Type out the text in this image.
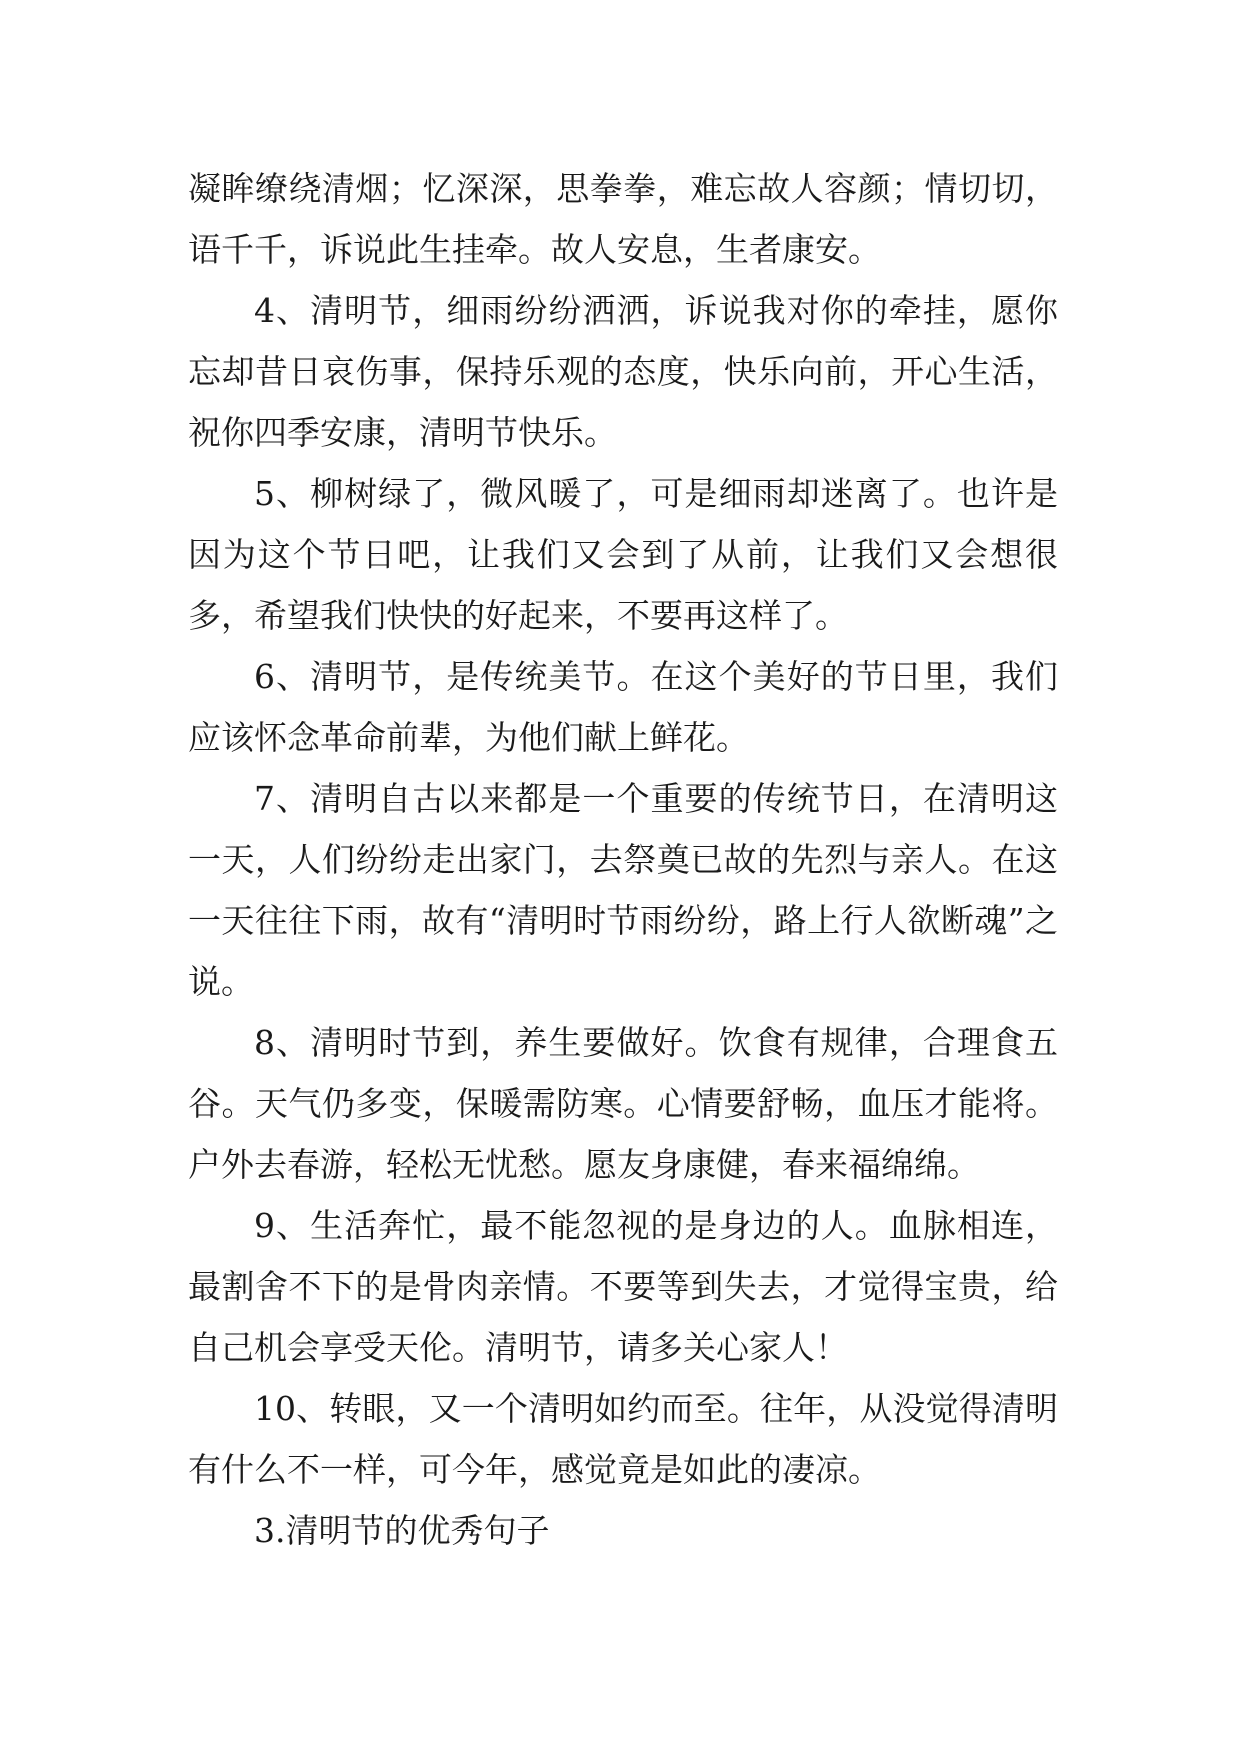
凝眸缭绕清烟；忆深深，思拳拳，难忘故人容颜；情切切，语千千，诉说此生挂牵。故人安息，生者康安。

4、清明节，细雨纷纷洒洒，诉说我对你的牵挂，愿你忘却昔日哀伤事，保持乐观的态度，快乐向前，开心生活，祝你四季安康，清明节快乐。

5、柳树绿了，微风暖了，可是细雨却迷离了。也许是因为这个节日吧，让我们又会到了从前，让我们又会想很多，希望我们快快的好起来，不要再这样了。

6、清明节，是传统美节。在这个美好的节日里，我们应该怀念革命前辈，为他们献上鲜花。

7、清明自古以来都是一个重要的传统节日，在清明这一天，人们纷纷走出家门，去祭奠已故的先烈与亲人。在这一天往往下雨，故有“清明时节雨纷纷，路上行人欲断魂”之说。

8、清明时节到，养生要做好。饮食有规律，合理食五谷。天气仍多变，保暖需防寒。心情要舒畅，血压才能将。户外去春游，轻松无忧愁。愿友身康健，春来福绵绵。

9、生活奔忙，最不能忽视的是身边的人。血脉相连，最割舍不下的是骨肉亲情。不要等到失去，才觉得宝贵，给自己机会享受天伦。清明节，请多关心家人！

10、转眼，又一个清明如约而至。往年，从没觉得清明有什么不一样，可今年，感觉竟是如此的凄凉。

3.清明节的优秀句子
